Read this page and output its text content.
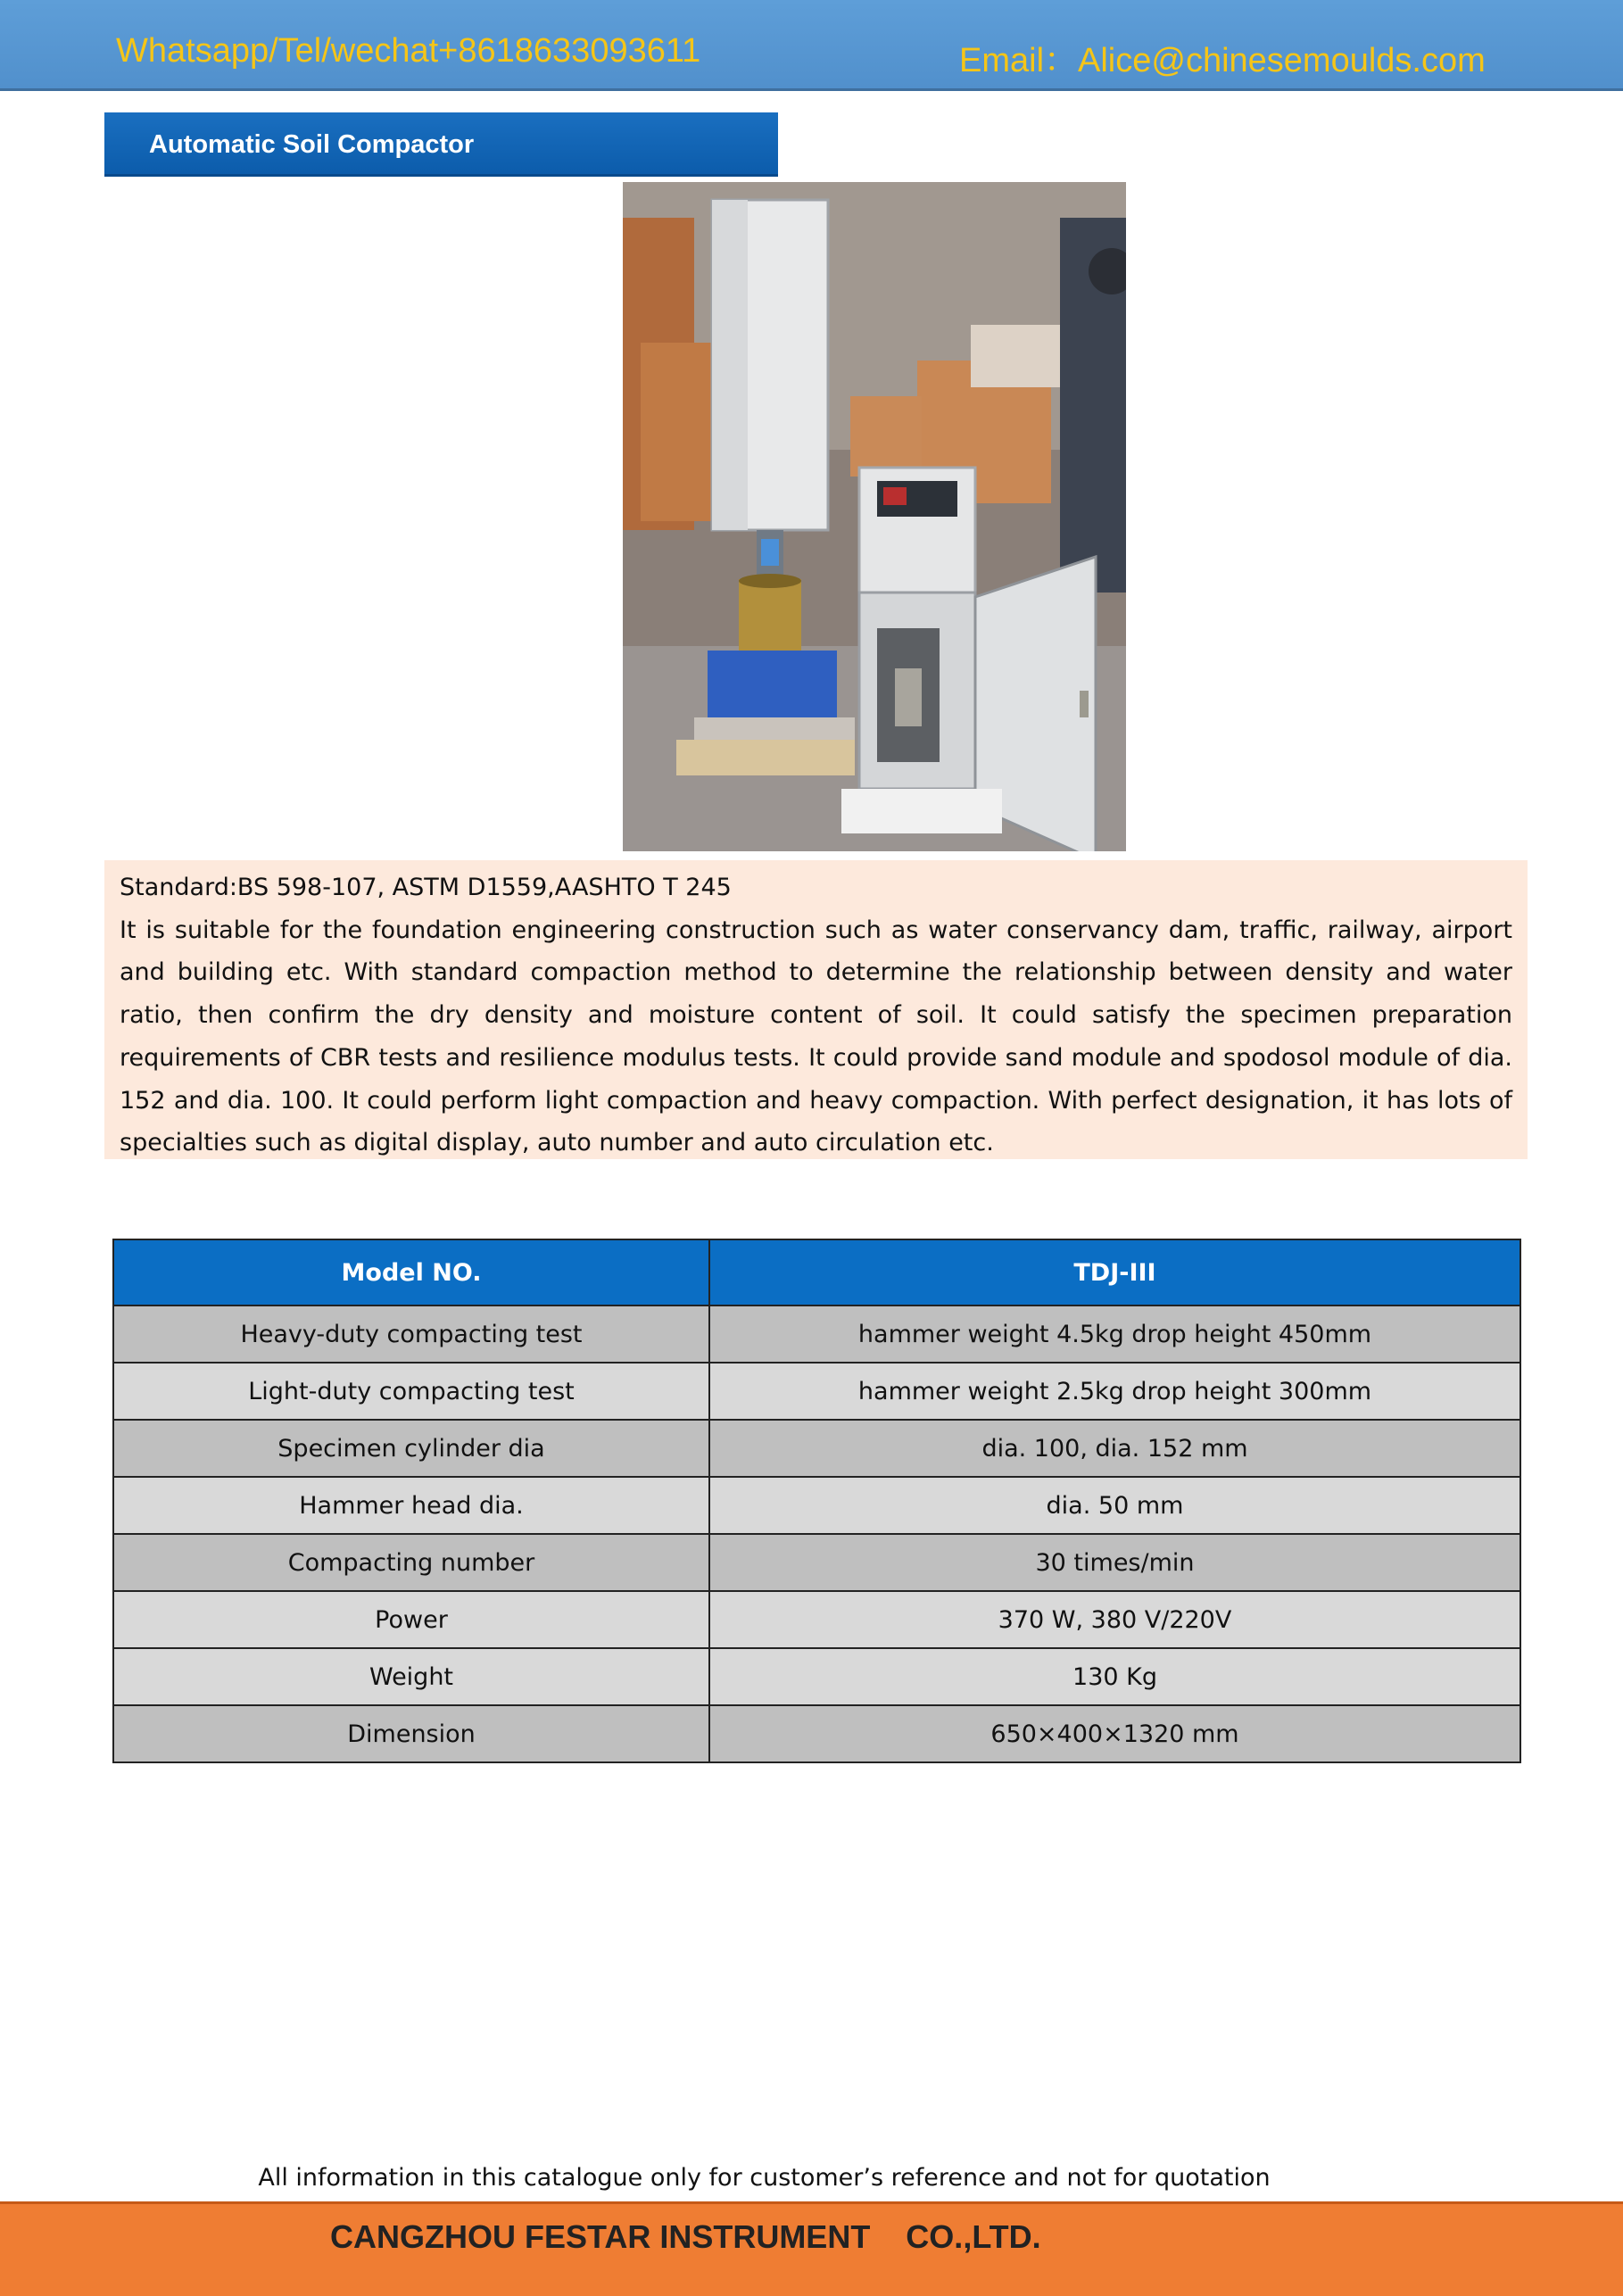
Whatsapp/Tel/wechat+8618633093611	Email：Alice@chinesemoulds.com
Automatic Soil Compactor

Standard:BS 598-107, ASTM D1559,AASHTO T 245

It is suitable for the foundation engineering construction such as water conservancy dam, traffic, railway, airport and building etc. With standard compaction method to determine the relationship between density and water ratio, then confirm the dry density and moisture content of soil. It could satisfy the specimen preparation requirements of CBR tests and resilience modulus tests. It could provide sand module and spodosol module of dia. 152 and dia. 100. It could perform light compaction and heavy compaction. With perfect designation, it has lots of specialties such as digital display, auto number and auto circulation etc.

Model NO.	TDJ-III
Heavy-duty compacting test	hammer weight 4.5kg drop height 450mm
Light-duty compacting test	hammer weight 2.5kg drop height 300mm
Specimen cylinder dia	dia. 100, dia. 152 mm
Hammer head dia.	dia. 50 mm
Compacting number	30 times/min
Power	370 W, 380 V/220V
Weight	130 Kg
Dimension	650×400×1320 mm
All information in this catalogue only for customer’s reference and not for quotation
CANGZHOU FESTAR INSTRUMENT    CO.,LTD.
